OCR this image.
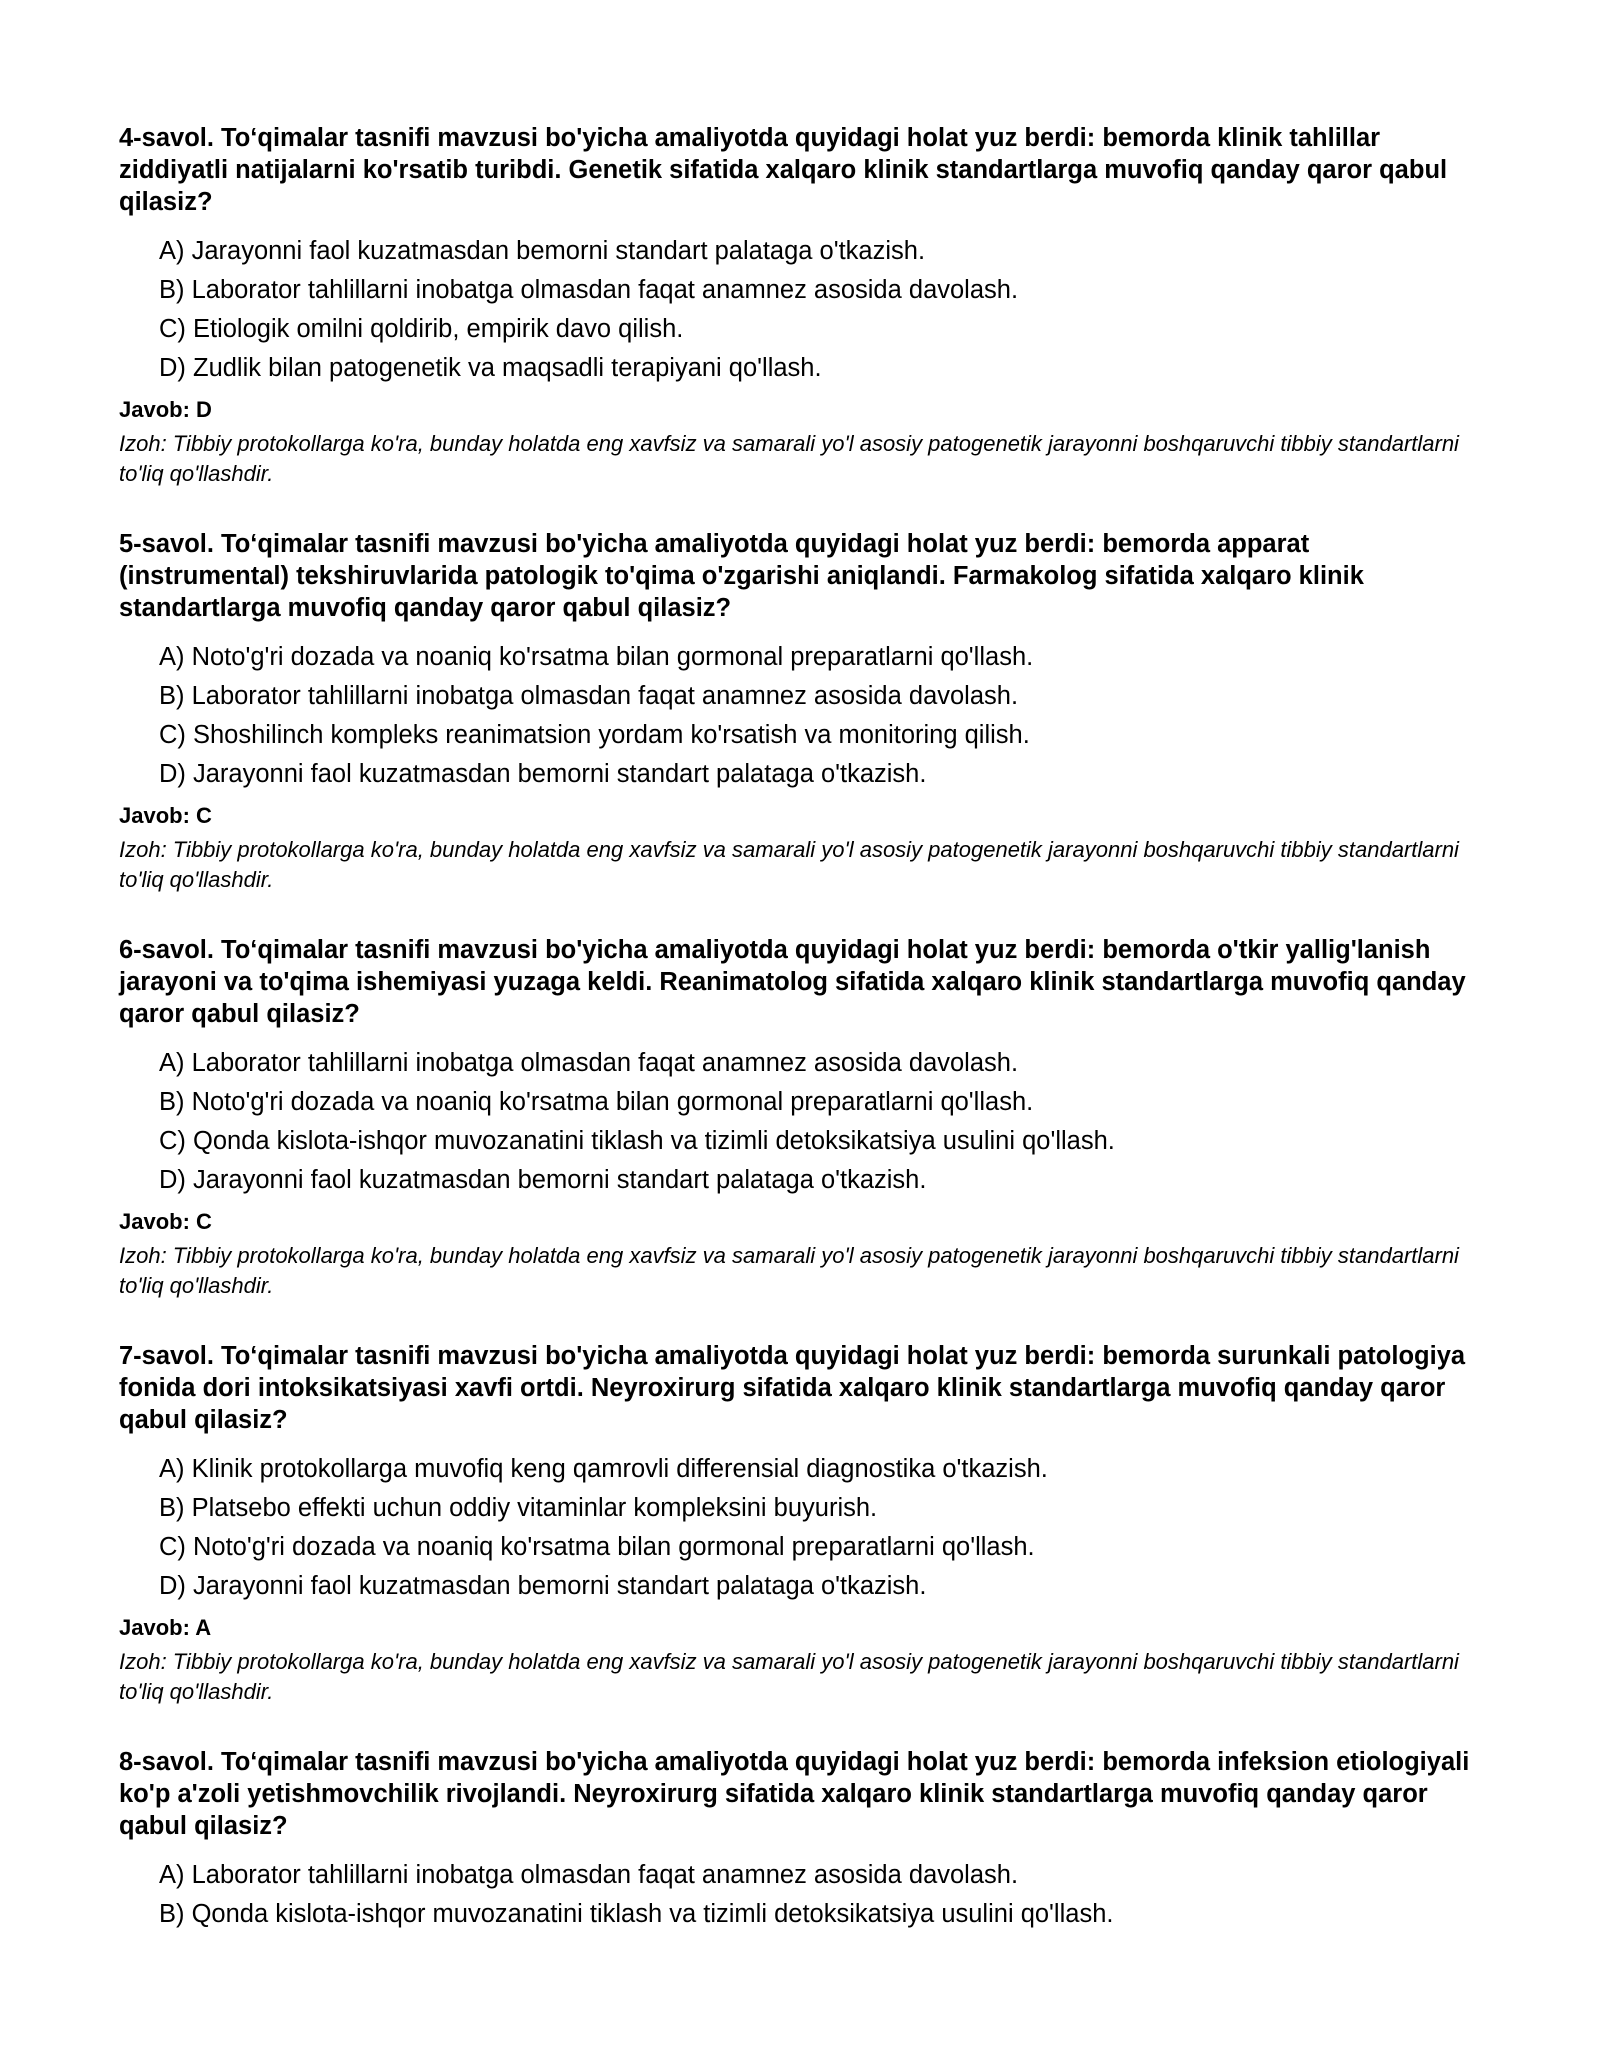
4-savol. To‘qimalar tasnifi mavzusi bo'yicha amaliyotda quyidagi holat yuz berdi: bemorda klinik tahlillar ziddiyatli natijalarni ko'rsatib turibdi. Genetik sifatida xalqaro klinik standartlarga muvofiq qanday qaror qabul qilasiz?

A) Jarayonni faol kuzatmasdan bemorni standart palataga o'tkazish.
B) Laborator tahlillarni inobatga olmasdan faqat anamnez asosida davolash.
C) Etiologik omilni qoldirib, empirik davo qilish.
D) Zudlik bilan patogenetik va maqsadli terapiyani qo'llash.
Javob: D
Izoh: Tibbiy protokollarga ko'ra, bunday holatda eng xavfsiz va samarali yo'l asosiy patogenetik jarayonni boshqaruvchi tibbiy standartlarni to'liq qo'llashdir.

5-savol. To‘qimalar tasnifi mavzusi bo'yicha amaliyotda quyidagi holat yuz berdi: bemorda apparat (instrumental) tekshiruvlarida patologik to'qima o'zgarishi aniqlandi. Farmakolog sifatida xalqaro klinik standartlarga muvofiq qanday qaror qabul qilasiz?

A) Noto'g'ri dozada va noaniq ko'rsatma bilan gormonal preparatlarni qo'llash.
B) Laborator tahlillarni inobatga olmasdan faqat anamnez asosida davolash.
C) Shoshilinch kompleks reanimatsion yordam ko'rsatish va monitoring qilish.
D) Jarayonni faol kuzatmasdan bemorni standart palataga o'tkazish.
Javob: C
Izoh: Tibbiy protokollarga ko'ra, bunday holatda eng xavfsiz va samarali yo'l asosiy patogenetik jarayonni boshqaruvchi tibbiy standartlarni to'liq qo'llashdir.

6-savol. To‘qimalar tasnifi mavzusi bo'yicha amaliyotda quyidagi holat yuz berdi: bemorda o'tkir yallig'lanish jarayoni va to'qima ishemiyasi yuzaga keldi. Reanimatolog sifatida xalqaro klinik standartlarga muvofiq qanday qaror qabul qilasiz?

A) Laborator tahlillarni inobatga olmasdan faqat anamnez asosida davolash.
B) Noto'g'ri dozada va noaniq ko'rsatma bilan gormonal preparatlarni qo'llash.
C) Qonda kislota-ishqor muvozanatini tiklash va tizimli detoksikatsiya usulini qo'llash.
D) Jarayonni faol kuzatmasdan bemorni standart palataga o'tkazish.
Javob: C
Izoh: Tibbiy protokollarga ko'ra, bunday holatda eng xavfsiz va samarali yo'l asosiy patogenetik jarayonni boshqaruvchi tibbiy standartlarni to'liq qo'llashdir.

7-savol. To‘qimalar tasnifi mavzusi bo'yicha amaliyotda quyidagi holat yuz berdi: bemorda surunkali patologiya fonida dori intoksikatsiyasi xavfi ortdi. Neyroxirurg sifatida xalqaro klinik standartlarga muvofiq qanday qaror qabul qilasiz?

A) Klinik protokollarga muvofiq keng qamrovli differensial diagnostika o'tkazish.
B) Platsebo effekti uchun oddiy vitaminlar kompleksini buyurish.
C) Noto'g'ri dozada va noaniq ko'rsatma bilan gormonal preparatlarni qo'llash.
D) Jarayonni faol kuzatmasdan bemorni standart palataga o'tkazish.
Javob: A
Izoh: Tibbiy protokollarga ko'ra, bunday holatda eng xavfsiz va samarali yo'l asosiy patogenetik jarayonni boshqaruvchi tibbiy standartlarni to'liq qo'llashdir.

8-savol. To‘qimalar tasnifi mavzusi bo'yicha amaliyotda quyidagi holat yuz berdi: bemorda infeksion etiologiyali ko'p a'zoli yetishmovchilik rivojlandi. Neyroxirurg sifatida xalqaro klinik standartlarga muvofiq qanday qaror qabul qilasiz?

A) Laborator tahlillarni inobatga olmasdan faqat anamnez asosida davolash.
B) Qonda kislota-ishqor muvozanatini tiklash va tizimli detoksikatsiya usulini qo'llash.
